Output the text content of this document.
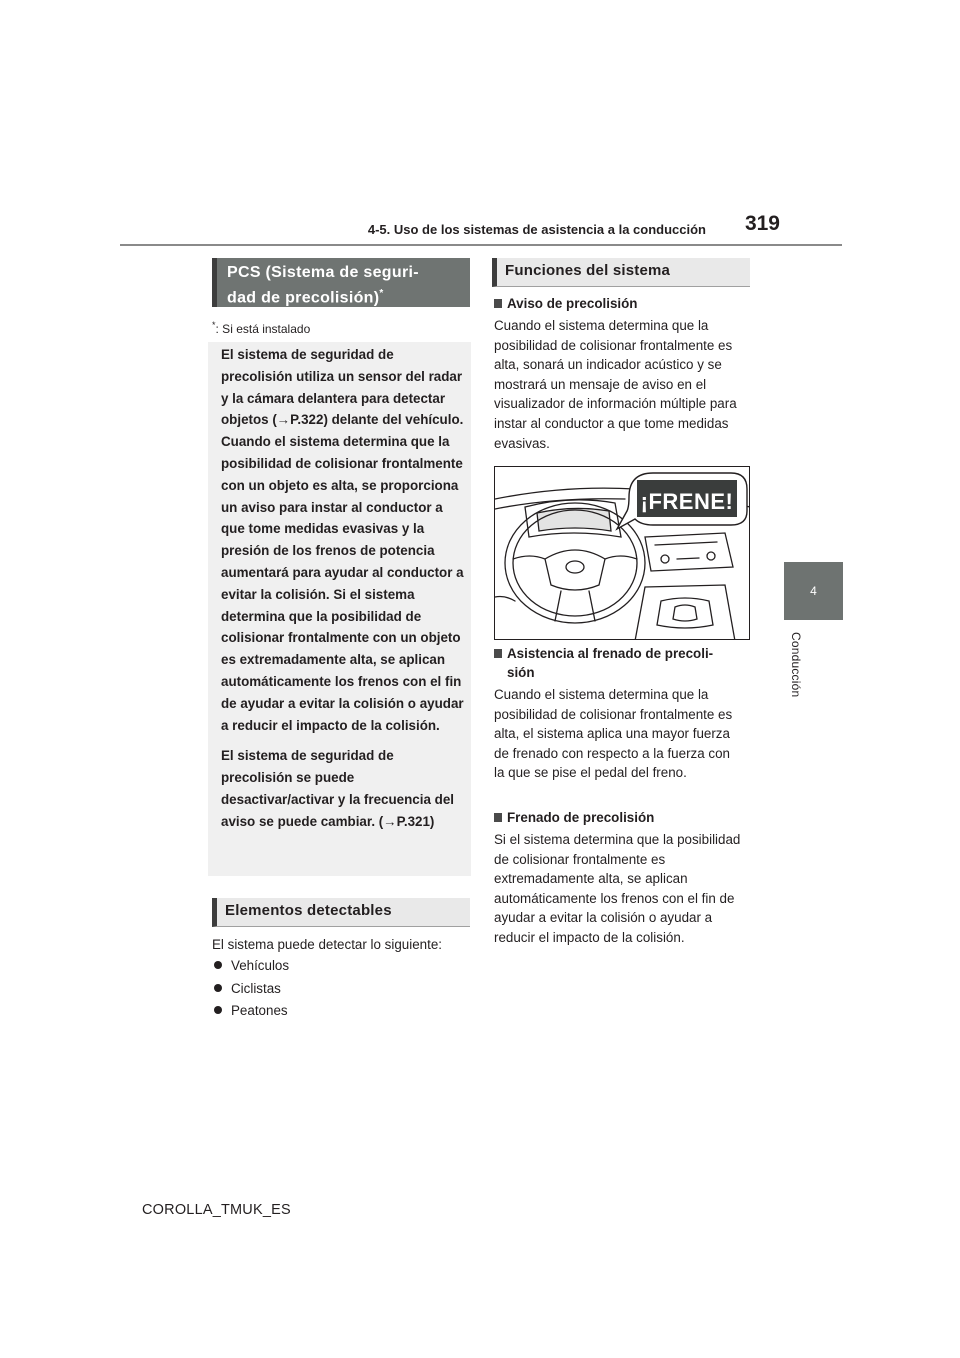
4-5. Uso de los sistemas de asistencia a la conducción	319
4
Conducción
PCS (Sistema de seguri-
dad de precolisión)*
*: Si está instalado

El sistema de seguridad de precolisión utiliza un sensor del radar y la cámara delantera para detectar objetos (→P.322) delante del vehículo. Cuando el sistema determina que la posibilidad de colisionar frontalmente con un objeto es alta, se proporciona un aviso para instar al conductor a que tome medidas evasivas y la presión de los frenos de potencia aumentará para ayudar al conductor a evitar la colisión. Si el sistema determina que la posibilidad de colisionar frontalmente con un objeto es extremadamente alta, se aplican automáticamente los frenos con el fin de ayudar a evitar la colisión o ayudar a reducir el impacto de la colisión.

El sistema de seguridad de precolisión se puede desactivar/activar y la frecuencia del aviso se puede cambiar. (→P.321)

Elementos detectables
El sistema puede detectar lo siguiente:
Vehículos
Ciclistas
Peatones
Funciones del sistema
Aviso de precolisión
Cuando el sistema determina que la posibilidad de colisionar frontalmente es alta, sonará un indicador acústico y se mostrará un mensaje de aviso en el visualizador de información múltiple para instar al conductor a que tome medidas evasivas.
¡FRENE!
Asistencia al frenado de precoli-
sión
Cuando el sistema determina que la posibilidad de colisionar frontalmente es alta, el sistema aplica una mayor fuerza de frenado con respecto a la fuerza con la que se pise el pedal del freno.
Frenado de precolisión
Si el sistema determina que la posibilidad de colisionar frontalmente es extremadamente alta, se aplican automáticamente los frenos con el fin de ayudar a evitar la colisión o ayudar a reducir el impacto de la colisión.
COROLLA_TMUK_ES
